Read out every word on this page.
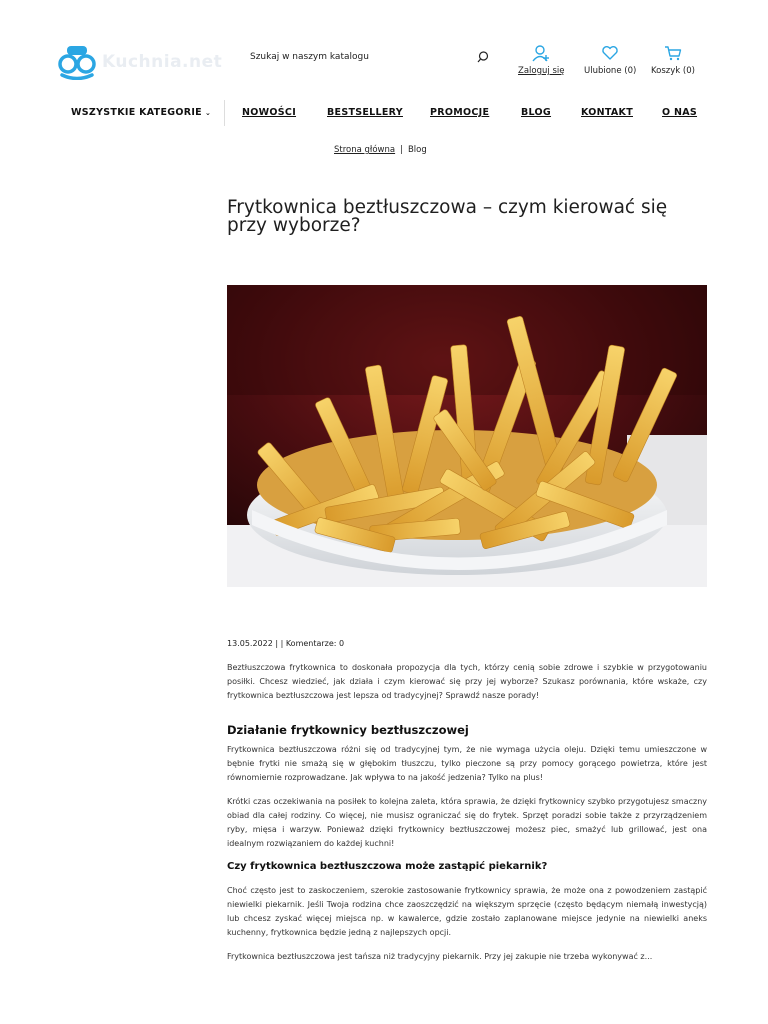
Kuchnia.net	Szukaj w naszym katalogu
Zaloguj się Ulubione (0) Koszyk (0)
WSZYSTKIE KATEGORIE ⌄	NOWOŚCI	BESTSELLERY	PROMOCJE	BLOG	KONTAKT	O NAS
Strona główna | Blog
Frytkownica beztłuszczowa – czym kierować się przy wyborze?
13.05.2022 | | Komentarze: 0

Beztłuszczowa frytkownica to doskonała propozycja dla tych, którzy cenią sobie zdrowe i szybkie w przygotowaniu posiłki. Chcesz wiedzieć, jak działa i czym kierować się przy jej wyborze? Szukasz porównania, które wskaże, czy frytkownica beztłuszczowa jest lepsza od tradycyjnej? Sprawdź nasze porady!

Działanie frytkownicy beztłuszczowej

Frytkownica beztłuszczowa różni się od tradycyjnej tym, że nie wymaga użycia oleju. Dzięki temu umieszczone w bębnie frytki nie smażą się w głębokim tłuszczu, tylko pieczone są przy pomocy gorącego powietrza, które jest równomiernie rozprowadzane. Jak wpływa to na jakość jedzenia? Tylko na plus!

Krótki czas oczekiwania na posiłek to kolejna zaleta, która sprawia, że dzięki frytkownicy szybko przygotujesz smaczny obiad dla całej rodziny. Co więcej, nie musisz ograniczać się do frytek. Sprzęt poradzi sobie także z przyrządzeniem ryby, mięsa i warzyw. Ponieważ dzięki frytkownicy beztłuszczowej możesz piec, smażyć lub grillować, jest ona idealnym rozwiązaniem do każdej kuchni!

Czy frytkownica beztłuszczowa może zastąpić piekarnik?

Choć często jest to zaskoczeniem, szerokie zastosowanie frytkownicy sprawia, że może ona z powodzeniem zastąpić niewielki piekarnik. Jeśli Twoja rodzina chce zaoszczędzić na większym sprzęcie (często będącym niemałą inwestycją) lub chcesz zyskać więcej miejsca np. w kawalerce, gdzie zostało zaplanowane miejsce jedynie na niewielki aneks kuchenny, frytkownica będzie jedną z najlepszych opcji.

Frytkownica beztłuszczowa jest tańsza niż tradycyjny piekarnik. Przy jej zakupie nie trzeba wykonywać z...
